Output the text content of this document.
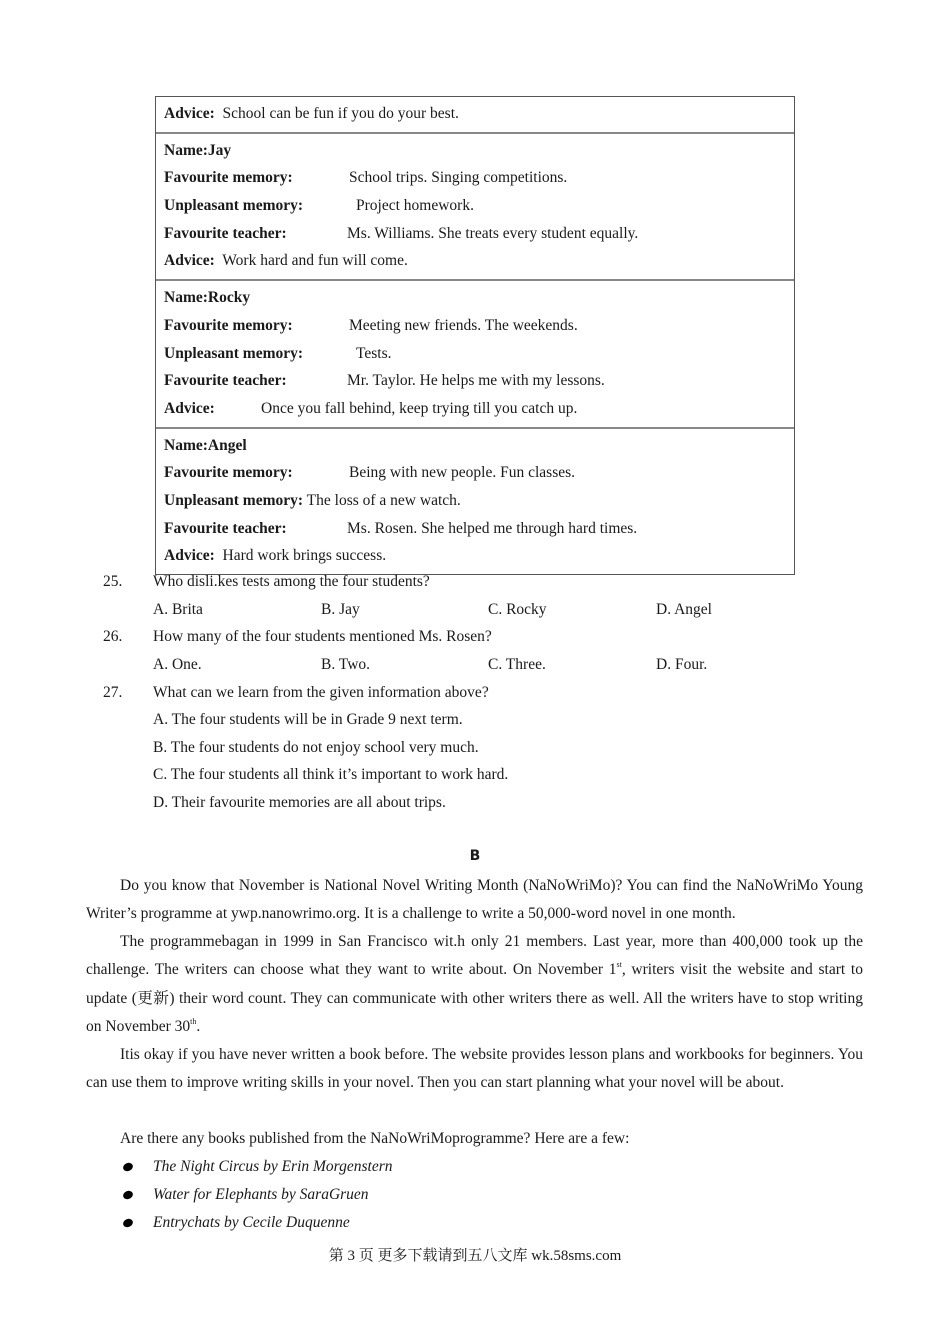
Advice: School can be fun if you do your best.
Name:Jay
Favourite memory:	School trips. Singing competitions.
Unpleasant memory:	Project homework.
Favourite teacher:	Ms. Williams. She treats every student equally.
Advice: Work hard and fun will come.
Name:Rocky
Favourite memory:	Meeting new friends. The weekends.
Unpleasant memory:	Tests.
Favourite teacher:	Mr. Taylor. He helps me with my lessons.
Advice:	Once you fall behind, keep trying till you catch up.
Name:Angel
Favourite memory:	Being with new people. Fun classes.
Unpleasant memory: The loss of a new watch.
Favourite teacher:	Ms. Rosen. She helped me through hard times.
Advice: Hard work brings success.
25. Who disli.kes tests among the four students?
A. Brita	B. Jay	C. Rocky	D. Angel
26. How many of the four students mentioned Ms. Rosen?
A. One.	B. Two.	C. Three.	D. Four.
27. What can we learn from the given information above?
A. The four students will be in Grade 9 next term.
B. The four students do not enjoy school very much.
C. The four students all think it’s important to work hard.
D. Their favourite memories are all about trips.
B

Do you know that November is National Novel Writing Month (NaNoWriMo)? You can find the NaNoWriMo Young Writer’s programme at ywp.nanowrimo.org. It is a challenge to write a 50,000-word novel in one month.

The programmebagan in 1999 in San Francisco wit.h only 21 members. Last year, more than 400,000 took up the challenge. The writers can choose what they want to write about. On November 1st, writers visit the website and start to update (更新) their word count. They can communicate with other writers there as well. All the writers have to stop writing on November 30th.

Itis okay if you have never written a book before. The website provides lesson plans and workbooks for beginners. You can use them to improve writing skills in your novel. Then you can start planning what your novel will be about.

Are there any books published from the NaNoWriMoprogramme? Here are a few:

The Night Circus by Erin Morgenstern
Water for Elephants by SaraGruen
Entrychats by Cecile Duquenne
第 3 页 更多下载请到五八文库 wk.58sms.com
